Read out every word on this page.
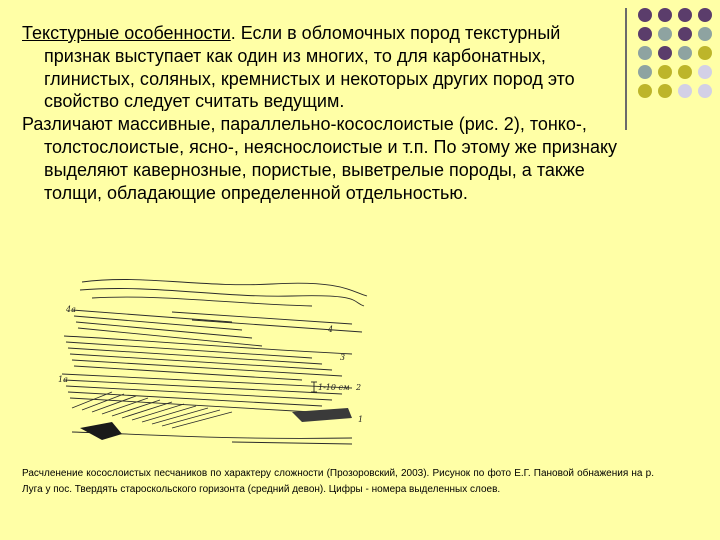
Текстурные особенности. Если в обломочных пород текстурный признак выступает как один из многих, то для карбонатных, глинистых, соляных, кремнистых и некоторых других пород это свойство следует считать ведущим.

Различают массивные, параллельно-косослоистые (рис. 2), тонко-, толстослоистые, ясно-, неяснослоистые и т.п. По этому же признаку выделяют кавернозные, пористые, выветрелые породы, а также толщи, обладающие определенной отдельностью.

4а
4
3
2
1а
1
1-10 см
Расчленение косослоистых песчаников по характеру сложности (Прозоровский, 2003). Рисунок по фото Е.Г. Пановой обнажения на р. Луга у пос. Твердять староскольского горизонта (средний девон). Цифры - номера выделенных слоев.
